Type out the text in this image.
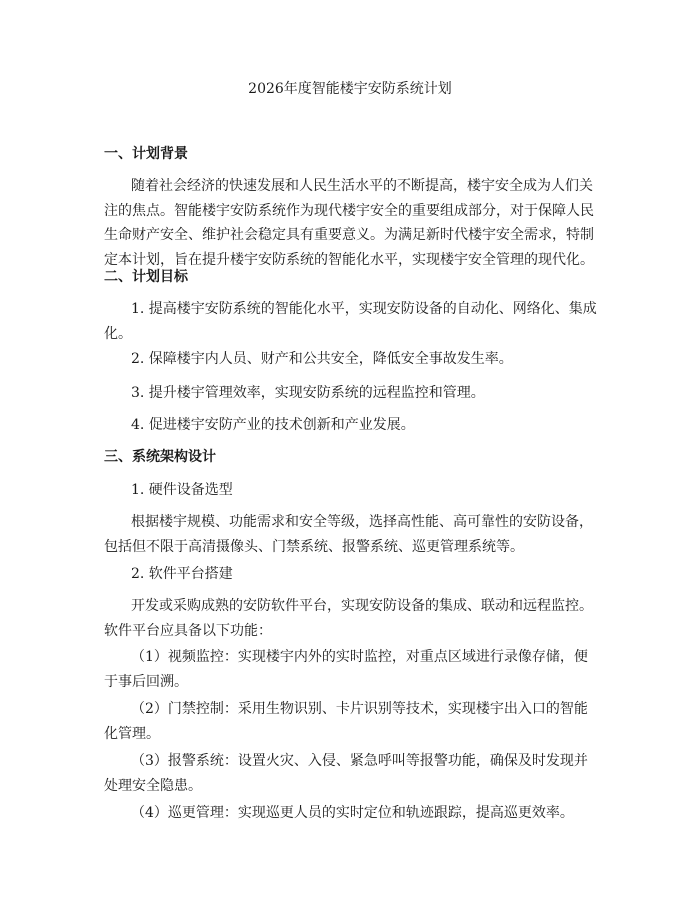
2026年度智能楼宇安防系统计划
一、计划背景

随着社会经济的快速发展和人民生活水平的不断提高，楼宇安全成为人们关注的焦点。智能楼宇安防系统作为现代楼宇安全的重要组成部分，对于保障人民生命财产安全、维护社会稳定具有重要意义。为满足新时代楼宇安全需求，特制定本计划，旨在提升楼宇安防系统的智能化水平，实现楼宇安全管理的现代化。

二、计划目标

1. 提高楼宇安防系统的智能化水平，实现安防设备的自动化、网络化、集成化。

2. 保障楼宇内人员、财产和公共安全，降低安全事故发生率。

3. 提升楼宇管理效率，实现安防系统的远程监控和管理。

4. 促进楼宇安防产业的技术创新和产业发展。

三、系统架构设计

1. 硬件设备选型

根据楼宇规模、功能需求和安全等级，选择高性能、高可靠性的安防设备，包括但不限于高清摄像头、门禁系统、报警系统、巡更管理系统等。

2. 软件平台搭建

开发或采购成熟的安防软件平台，实现安防设备的集成、联动和远程监控。软件平台应具备以下功能：

（1）视频监控：实现楼宇内外的实时监控，对重点区域进行录像存储，便于事后回溯。

（2）门禁控制：采用生物识别、卡片识别等技术，实现楼宇出入口的智能化管理。

（3）报警系统：设置火灾、入侵、紧急呼叫等报警功能，确保及时发现并处理安全隐患。

（4）巡更管理：实现巡更人员的实时定位和轨迹跟踪，提高巡更效率。
